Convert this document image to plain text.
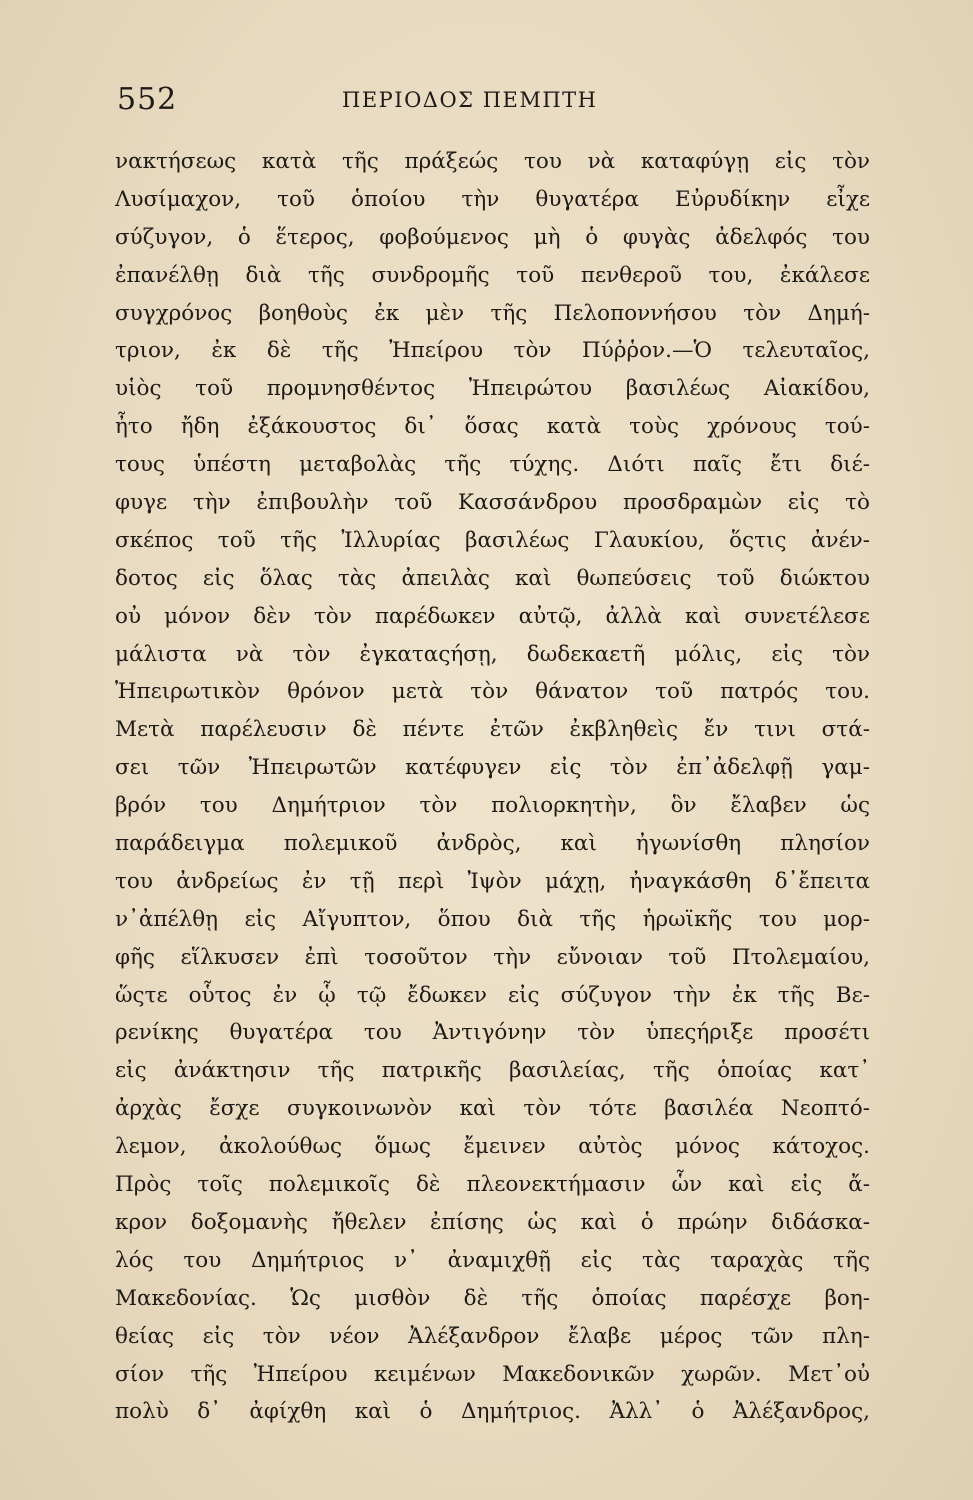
552	ΠΕΡΙΟΔΟΣ ΠΕΜΠΤΗ
νακτήσεως κατὰ τῆς πράξεώς του νὰ καταφύγῃ εἰς τὸν
Λυσίμαχον, τοῦ ὁποίου τὴν θυγατέρα Εὐρυδίκην εἶχε
σύζυγον, ὁ ἕτερος, φοβούμενος μὴ ὁ φυγὰς ἀδελφός του
ἐπανέλθῃ διὰ τῆς συνδρομῆς τοῦ πενθεροῦ του, ἐκάλεσε
συγχρόνος βοηθοὺς ἐκ μὲν τῆς Πελοποννήσου τὸν Δημή-
τριον, ἐκ δὲ τῆς Ἠπείρου τὸν Πύῤῥον.—Ὁ τελευταῖος,
υἱὸς τοῦ προμνησθέντος Ἠπειρώτου βασιλέως Αἰακίδου,
ἦτο ἤδη ἐξάκουστος δι᾽ ὅσας κατὰ τοὺς χρόνους τού-
τους ὑπέστη μεταβολὰς τῆς τύχης. Διότι παῖς ἔτι διέ-
φυγε τὴν ἐπιβουλὴν τοῦ Κασσάνδρου προσδραμὼν εἰς τὸ
σκέπος τοῦ τῆς Ἰλλυρίας βασιλέως Γλαυκίου, ὅςτις ἀνέν-
δοτος εἰς ὅλας τὰς ἀπειλὰς καὶ θωπεύσεις τοῦ διώκτου
οὐ μόνον δὲν τὸν παρέδωκεν αὐτῷ, ἀλλὰ καὶ συνετέλεσε
μάλιστα νὰ τὸν ἐγκαταςήσῃ, δωδεκαετῆ μόλις, εἰς τὸν
Ἠπειρωτικὸν θρόνον μετὰ τὸν θάνατον τοῦ πατρός του.
Μετὰ παρέλευσιν δὲ πέντε ἐτῶν ἐκβληθεὶς ἔν τινι στά-
σει τῶν Ἠπειρωτῶν κατέφυγεν εἰς τὸν ἐπ᾽ἀδελφῇ γαμ-
βρόν του Δημήτριον τὸν πολιορκητὴν, ὃν ἔλαβεν ὡς
παράδειγμα πολεμικοῦ ἀνδρὸς, καὶ ἠγωνίσθη πλησίον
του ἀνδρείως ἐν τῇ περὶ Ἰψὸν μάχῃ, ἠναγκάσθη δ᾽ἔπειτα
ν᾽ἀπέλθῃ εἰς Αἴγυπτον, ὅπου διὰ τῆς ἡρωϊκῆς του μορ-
φῆς εἵλκυσεν ἐπὶ τοσοῦτον τὴν εὔνοιαν τοῦ Πτολεμαίου,
ὥςτε οὗτος ἐν ᾧ τῷ ἔδωκεν εἰς σύζυγον τὴν ἐκ τῆς Βε-
ρενίκης θυγατέρα του Ἀντιγόνην τὸν ὑπεςήριξε προσέτι
εἰς ἀνάκτησιν τῆς πατρικῆς βασιλείας, τῆς ὁποίας κατ᾽
ἀρχὰς ἔσχε συγκοινωνὸν καὶ τὸν τότε βασιλέα Νεοπτό-
λεμον, ἀκολούθως ὅμως ἔμεινεν αὐτὸς μόνος κάτοχος.
Πρὸς τοῖς πολεμικοῖς δὲ πλεονεκτήμασιν ὧν καὶ εἰς ἄ-
κρον δοξομανὴς ἤθελεν ἐπίσης ὡς καὶ ὁ πρώην διδάσκα-
λός του Δημήτριος ν᾽ ἀναμιχθῇ εἰς τὰς ταραχὰς τῆς
Μακεδονίας. Ὡς μισθὸν δὲ τῆς ὁποίας παρέσχε βοη-
θείας εἰς τὸν νέον Ἀλέξανδρον ἔλαβε μέρος τῶν πλη-
σίον τῆς Ἠπείρου κειμένων Μακεδονικῶν χωρῶν. Μετ᾽οὐ
πολὺ δ᾽ ἀφίχθη καὶ ὁ Δημήτριος. Ἀλλ᾽ ὁ Ἀλέξανδρος,
